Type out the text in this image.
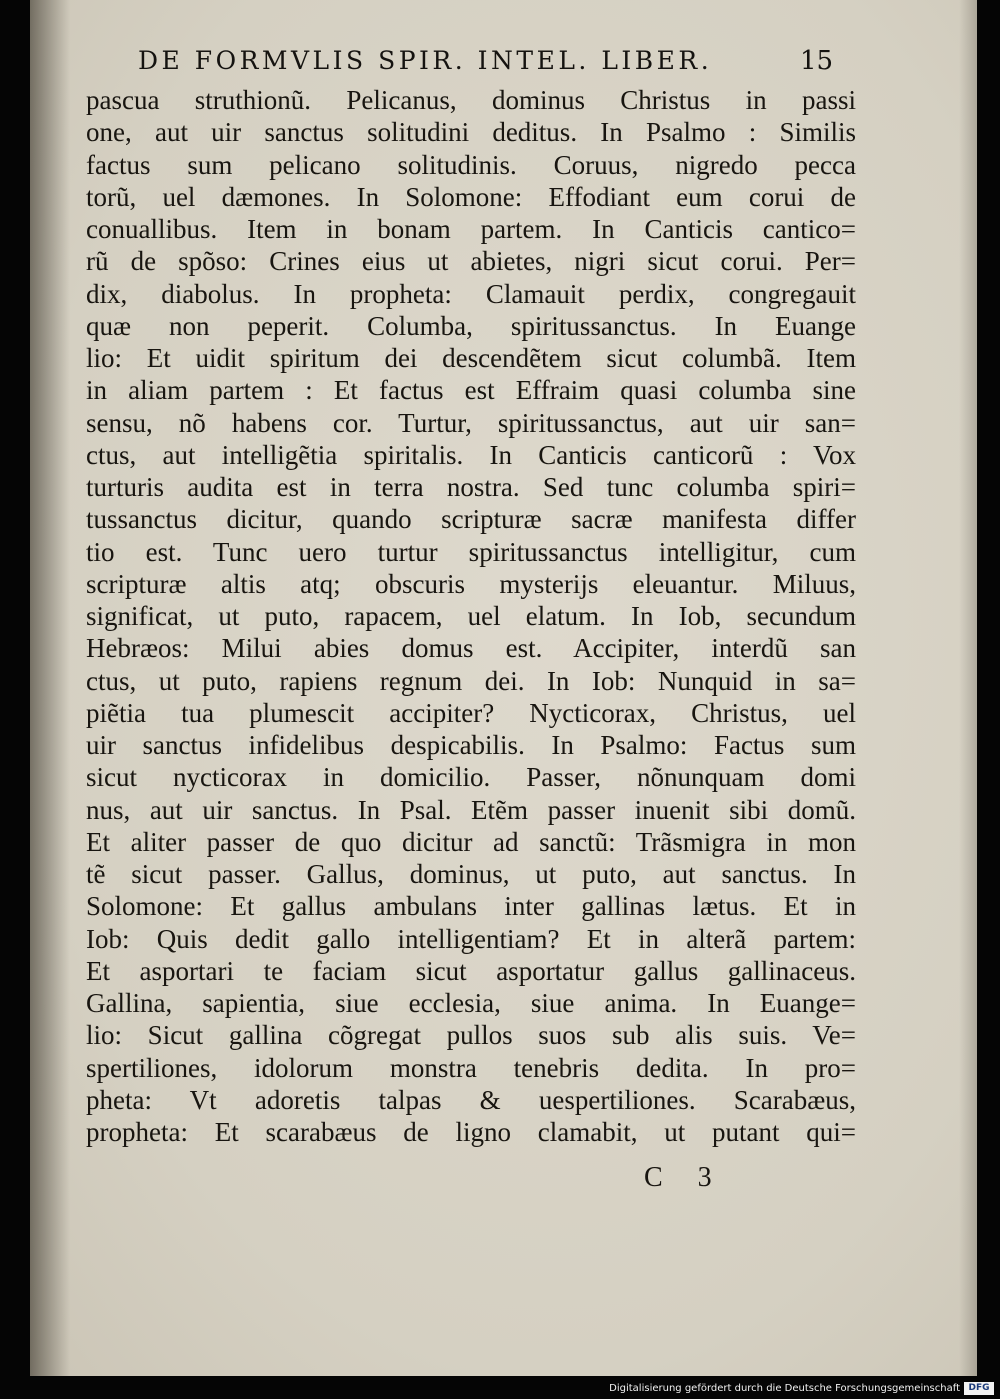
DE FORMVLIS SPIR. INTEL. LIBER.	15
pascua struthionũ. Pelicanus, dominus Christus in passi
one, aut uir sanctus solitudini deditus. In Psalmo : Similis
factus sum pelicano solitudinis. Coruus, nigredo pecca
torũ, uel dæmones. In Solomone: Effodiant eum corui de
conuallibus. Item in bonam partem. In Canticis cantico=
rũ de spõso: Crines eius ut abietes, nigri sicut corui. Per=
dix, diabolus. In propheta: Clamauit perdix, congregauit
quæ non peperit. Columba, spiritussanctus. In Euange
lio: Et uidit spiritum dei descendẽtem sicut columbã. Item
in aliam partem : Et factus est Effraim quasi columba sine
sensu, nõ habens cor. Turtur, spiritussanctus, aut uir san=
ctus, aut intelligẽtia spiritalis. In Canticis canticorũ : Vox
turturis audita est in terra nostra. Sed tunc columba spiri=
tussanctus dicitur, quando scripturæ sacræ manifesta differ
tio est. Tunc uero turtur spiritussanctus intelligitur, cum
scripturæ altis atq; obscuris mysterijs eleuantur. Miluus,
significat, ut puto, rapacem, uel elatum. In Iob, secundum
Hebræos: Milui abies domus est. Accipiter, interdũ san
ctus, ut puto, rapiens regnum dei. In Iob: Nunquid in sa=
piẽtia tua plumescit accipiter? Nycticorax, Christus, uel
uir sanctus infidelibus despicabilis. In Psalmo: Factus sum
sicut nycticorax in domicilio. Passer, nõnunquam domi
nus, aut uir sanctus. In Psal. Etẽm passer inuenit sibi domũ.
Et aliter passer de quo dicitur ad sanctũ: Trãsmigra in mon
tẽ sicut passer. Gallus, dominus, ut puto, aut sanctus. In
Solomone: Et gallus ambulans inter gallinas lætus. Et in
Iob: Quis dedit gallo intelligentiam? Et in alterã partem:
Et asportari te faciam sicut asportatur gallus gallinaceus.
Gallina, sapientia, siue ecclesia, siue anima. In Euange=
lio: Sicut gallina cõgregat pullos suos sub alis suis. Ve=
spertiliones, idolorum monstra tenebris dedita. In pro=
pheta: Vt adoretis talpas & uespertiliones. Scarabæus,
propheta: Et scarabæus de ligno clamabit, ut putant qui=
C 3
Digitalisierung gefördert durch die Deutsche Forschungsgemeinschaft DFG
